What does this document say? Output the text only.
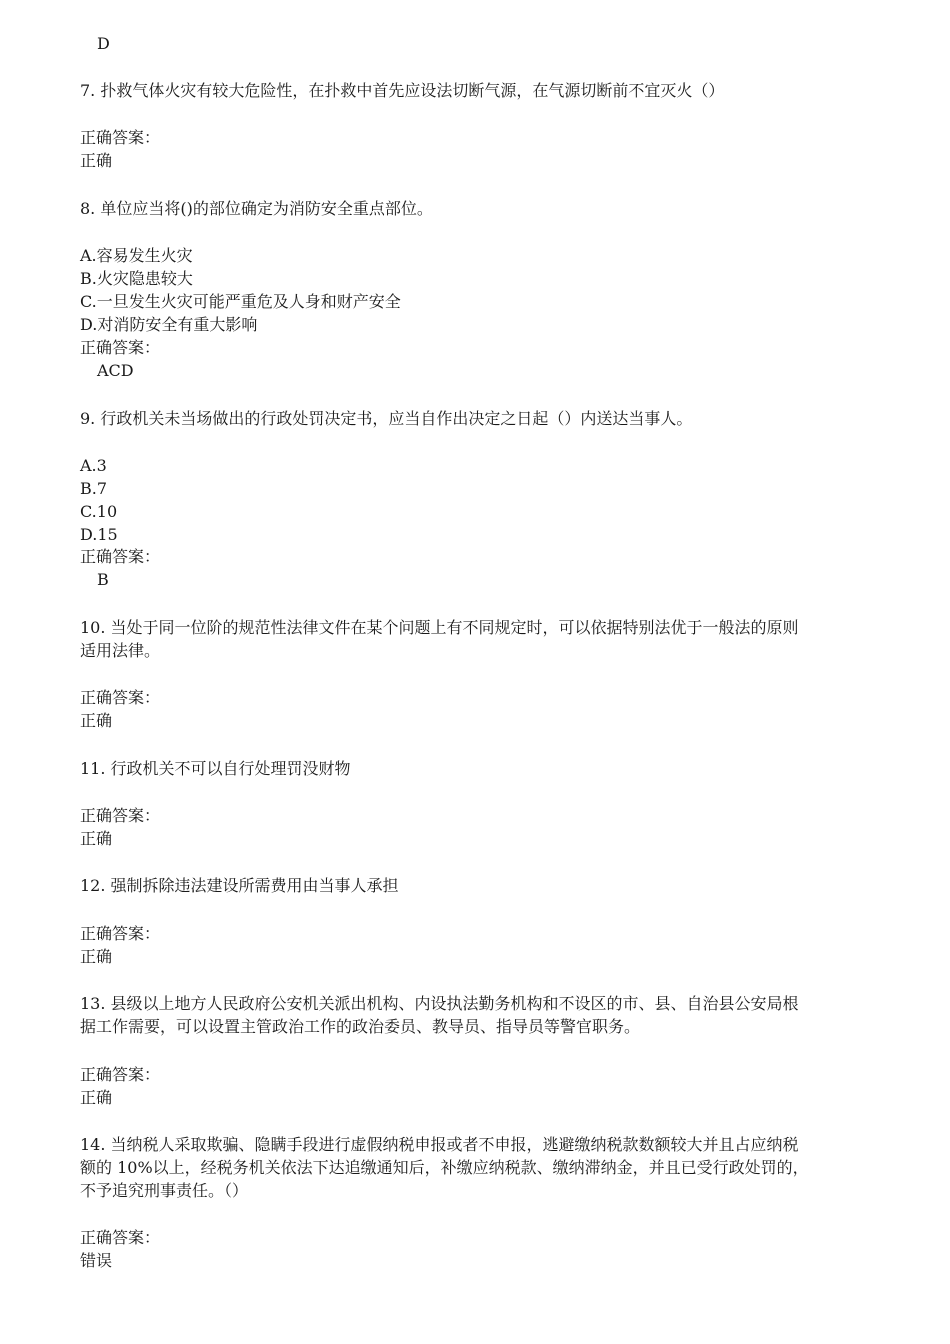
D
7. 扑救气体火灾有较大危险性，在扑救中首先应设法切断气源，在气源切断前不宜灭火（）
正确答案：
正确
8. 单位应当将()的部位确定为消防安全重点部位。
A.容易发生火灾
B.火灾隐患较大
C.一旦发生火灾可能严重危及人身和财产安全
D.对消防安全有重大影响
正确答案：
ACD
9. 行政机关未当场做出的行政处罚决定书，应当自作出决定之日起（）内送达当事人。
A.3
B.7
C.10
D.15
正确答案：
B
10. 当处于同一位阶的规范性法律文件在某个问题上有不同规定时，可以依据特别法优于一般法的原则
适用法律。
正确答案：
正确
11. 行政机关不可以自行处理罚没财物
正确答案：
正确
12. 强制拆除违法建设所需费用由当事人承担
正确答案：
正确
13. 县级以上地方人民政府公安机关派出机构、内设执法勤务机构和不设区的市、县、自治县公安局根
据工作需要，可以设置主管政治工作的政治委员、教导员、指导员等警官职务。
正确答案：
正确
14. 当纳税人采取欺骗、隐瞒手段进行虚假纳税申报或者不申报，逃避缴纳税款数额较大并且占应纳税
额的 10%以上，经税务机关依法下达追缴通知后，补缴应纳税款、缴纳滞纳金，并且已受行政处罚的，
不予追究刑事责任。（）
正确答案：
错误
